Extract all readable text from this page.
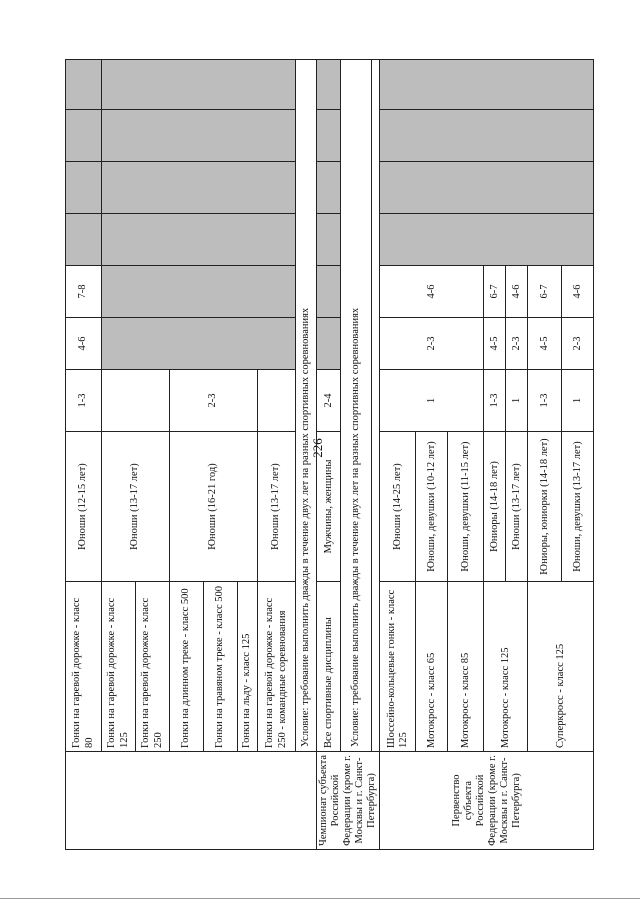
226
	Гонки на гаревой дорожке - класс 80	Юноши (12-15 лет)	1-3	4-6	7-8				
	Гонки на гаревой дорожке - класс 125	Юноши (13-17 лет)							
	Гонки на гаревой дорожке - класс 250								
	Гонки на длинном треке - класс 500	Юноши (16-21 год)	2-3						
	Гонки на травяном треке - класс 500								
	Гонки на льду - класс 125								
	Гонки на гаревой дорожке - класс 250 - командные соревнования	Юноши (13-17 лет)							
	Условие: требование выполнить дважды в течение двух лет на разных спортивных соревнованиях								
Чемпионат субъекта Российской Федерации (кроме г. Москвы и г. Санкт-Петербурга)	Все спортивные дисциплины	Мужчины, женщины	2-4						
	Условие: требование выполнить дважды в течение двух лет на разных спортивных соревнованиях								

Первенство субъекта Российской Федерации (кроме г. Москвы и г. Санкт-Петербурга)	Шоссейно-кольцевые гонки - класс 125	Юноши (14-25 лет)	1	2-3	4-6				
	Мотокросс - класс 65	Юноши, девушки (10-12 лет)							
	Мотокросс - класс 85	Юноши, девушки (11-15 лет)							
	Мотокросс - класс 125	Юниоры (14-18 лет)	1-3	4-5	6-7				
		Юноши (13-17 лет)	1	2-3	4-6				
	Суперкросс - класс 125	Юниоры, юниорки (14-18 лет)	1-3	4-5	6-7				
		Юноши, девушки (13-17 лет)	1	2-3	4-6				
